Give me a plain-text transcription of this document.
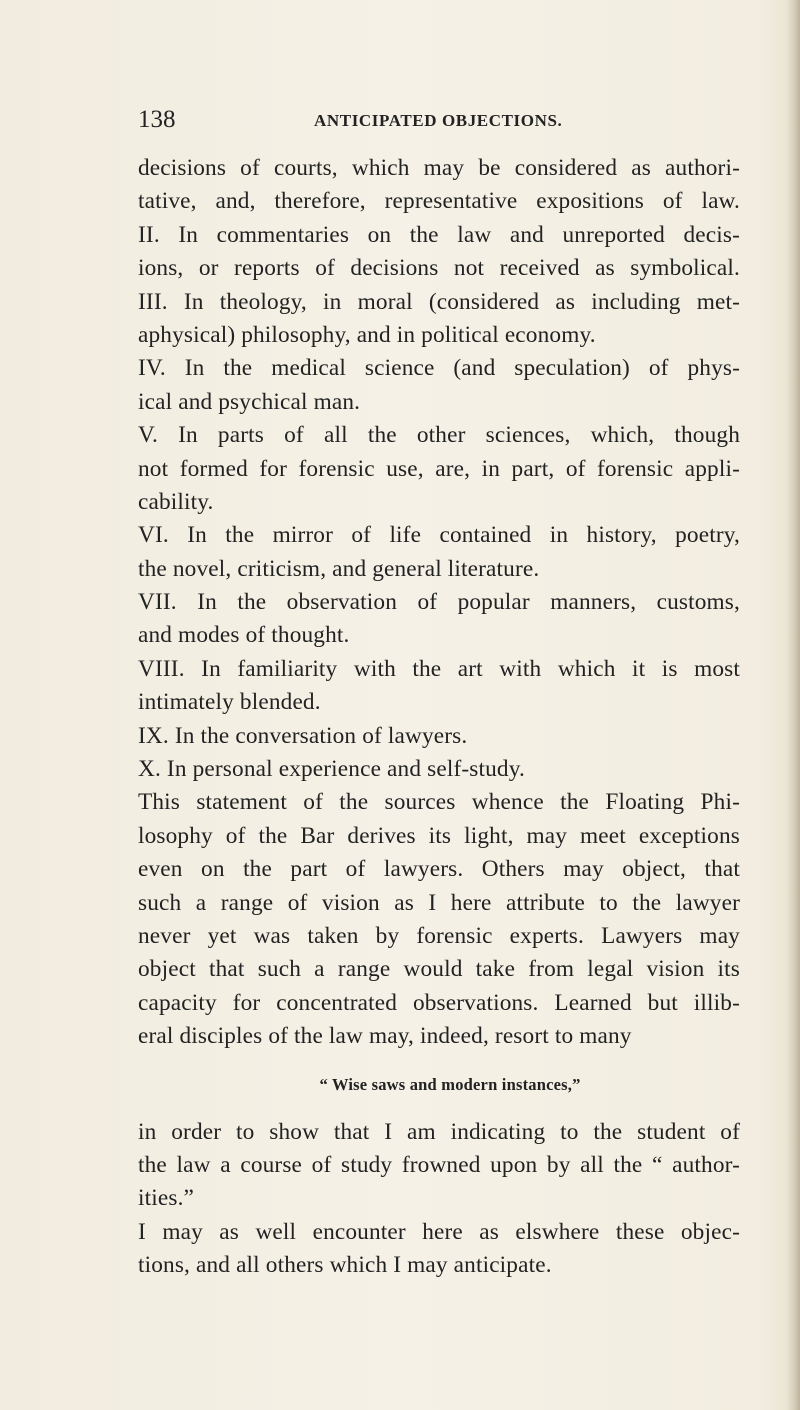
138	ANTICIPATED OBJECTIONS.
decisions of courts, which may be considered as authori-
tative, and, therefore, representative expositions of law.
II. In commentaries on the law and unreported decis-
ions, or reports of decisions not received as symbolical.
III. In theology, in moral (considered as including met-
aphysical) philosophy, and in political economy.
IV. In the medical science (and speculation) of phys-
ical and psychical man.
V. In parts of all the other sciences, which, though
not formed for forensic use, are, in part, of forensic appli-
cability.
VI. In the mirror of life contained in history, poetry,
the novel, criticism, and general literature.
VII. In the observation of popular manners, customs,
and modes of thought.
VIII. In familiarity with the art with which it is most
intimately blended.
IX. In the conversation of lawyers.
X. In personal experience and self-study.
This statement of the sources whence the Floating Phi-
losophy of the Bar derives its light, may meet exceptions
even on the part of lawyers. Others may object, that
such a range of vision as I here attribute to the lawyer
never yet was taken by forensic experts. Lawyers may
object that such a range would take from legal vision its
capacity for concentrated observations. Learned but illib-
eral disciples of the law may, indeed, resort to many
“ Wise saws and modern instances,”
in order to show that I am indicating to the student of
the law a course of study frowned upon by all the “ author-
ities.”
I may as well encounter here as elswhere these objec-
tions, and all others which I may anticipate.
